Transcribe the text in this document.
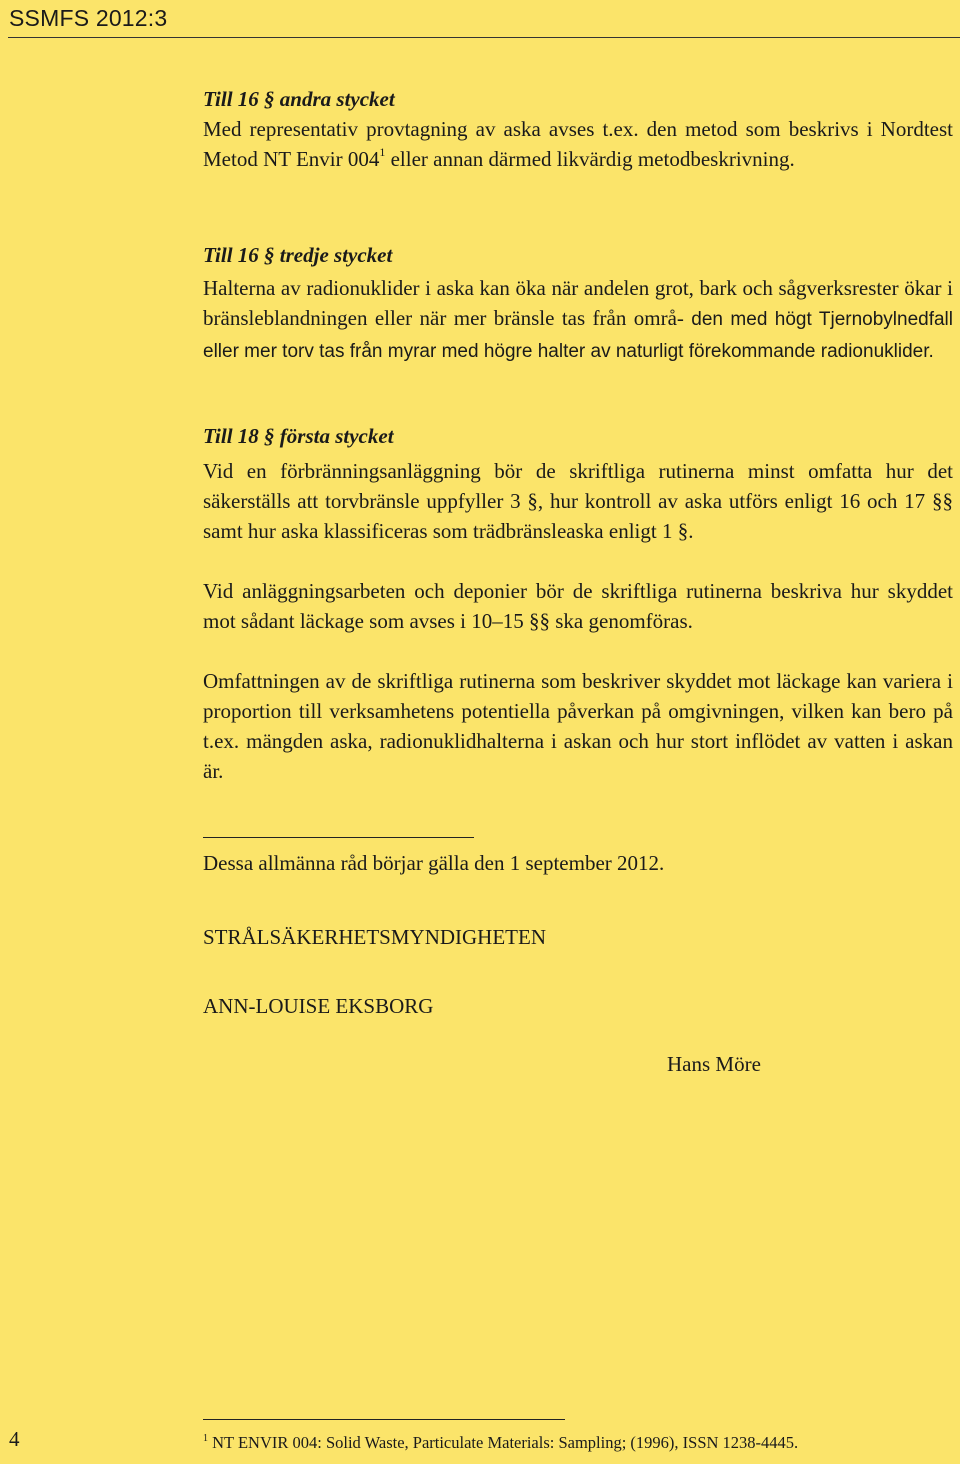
SSMFS 2012:3

Till 16 § andra stycket

Med representativ provtagning av aska avses t.ex. den metod som beskrivs i Nordtest Metod NT Envir $004^1$ eller annan därmed likvärdig metodbeskrivning.

Till 16 § tredje stycket

Halterna av radionuklider i aska kan öka när andelen grot, bark och sågverksrester ökar i bränsleblandningen eller när mer bränsle tas från områ- den med högt Tjernobylnedfall eller mer torv tas från myrar med högre halter av naturligt förekommande radionuklider.

Till 18 § första stycket

Vid en förbränningsanläggning bör de skriftliga rutinerna minst omfatta hur det säkerställs att torvbränsle uppfyller 3 §, hur kontroll av aska utförs enligt 16 och 17 §§ samt hur aska klassificeras som trädbränsleaska enligt 1 §.

Vid anläggningsarbeten och deponier bör de skriftliga rutinerna beskriva hur skyddet mot sådant läckage som avses i 10–15 §§ ska genomföras.

Omfattningen av de skriftliga rutinerna som beskriver skyddet mot läckage kan variera i proportion till verksamhetens potentiella påverkan på omgivningen, vilken kan bero på t.ex. mängden aska, radionuklidhalterna i askan och hur stort inflödet av vatten i askan är.

Dessa allmänna råd börjar gälla den 1 september 2012.
STRÅLSÄKERHETSMYNDIGHETEN
ANN-LOUISE EKSBORG
Hans Möre
4	$^1$ NT ENVIR 004: Solid Waste, Particulate Materials: Sampling; (1996), ISSN 1238-4445.
